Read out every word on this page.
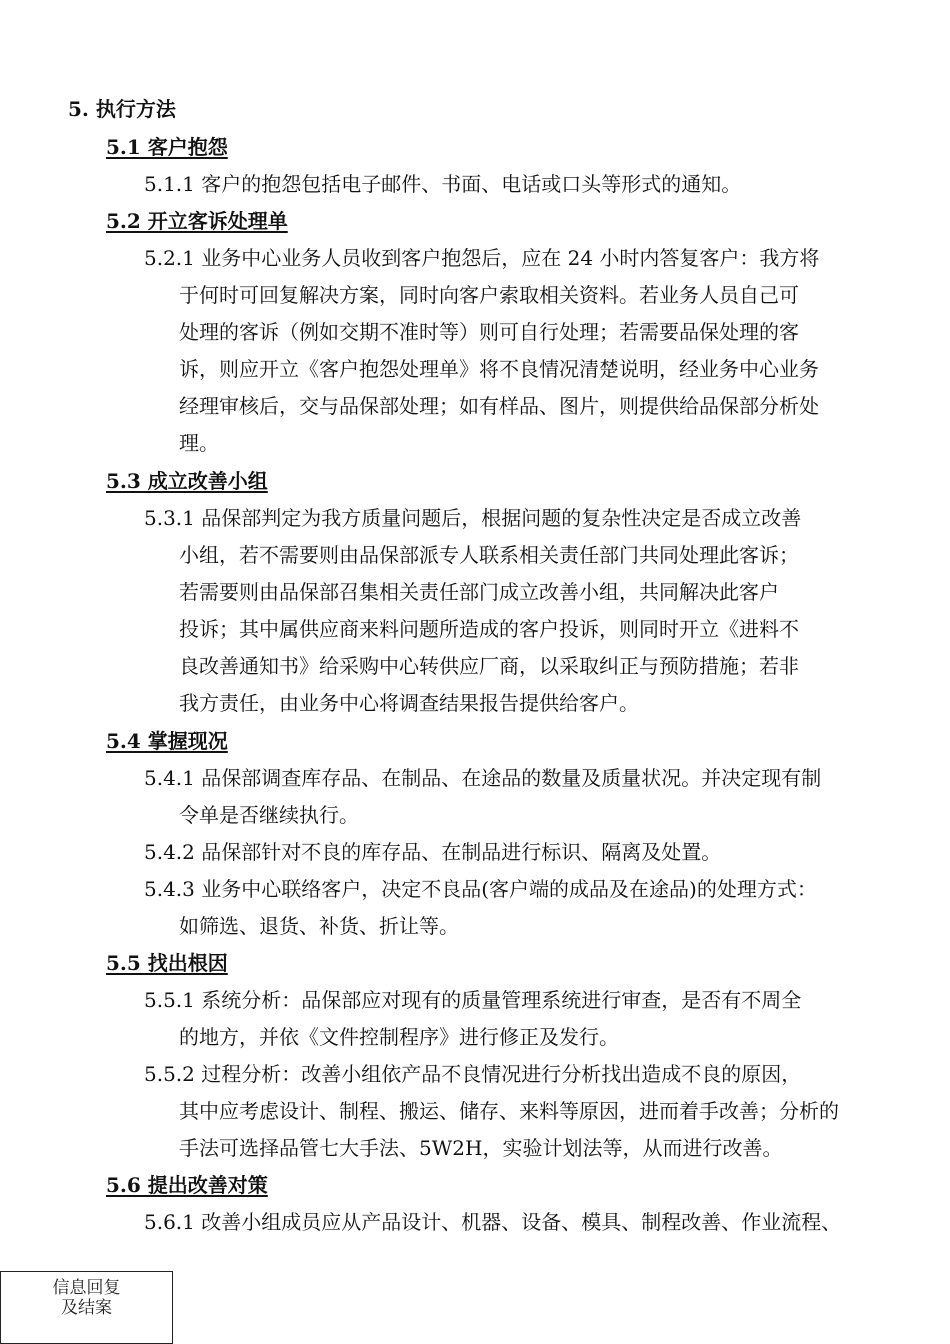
5. 执行方法
5.1 客户抱怨
5.1.1 客户的抱怨包括电子邮件、书面、电话或口头等形式的通知。
5.2 开立客诉处理单
5.2.1 业务中心业务人员收到客户抱怨后，应在 24 小时内答复客户：我方将
于何时可回复解决方案，同时向客户索取相关资料。若业务人员自己可
处理的客诉（例如交期不准时等）则可自行处理；若需要品保处理的客
诉，则应开立《客户抱怨处理单》将不良情况清楚说明，经业务中心业务
经理审核后，交与品保部处理；如有样品、图片，则提供给品保部分析处
理。
5.3 成立改善小组
5.3.1 品保部判定为我方质量问题后，根据问题的复杂性决定是否成立改善
小组，若不需要则由品保部派专人联系相关责任部门共同处理此客诉；
若需要则由品保部召集相关责任部门成立改善小组，共同解决此客户
投诉；其中属供应商来料问题所造成的客户投诉，则同时开立《进料不
良改善通知书》给采购中心转供应厂商，以采取纠正与预防措施；若非
我方责任，由业务中心将调查结果报告提供给客户。
5.4 掌握现况
5.4.1 品保部调查库存品、在制品、在途品的数量及质量状况。并决定现有制
令单是否继续执行。
5.4.2 品保部针对不良的库存品、在制品进行标识、隔离及处置。
5.4.3 业务中心联络客户，决定不良品(客户端的成品及在途品)的处理方式：
如筛选、退货、补货、折让等。
5.5 找出根因
5.5.1 系统分析：品保部应对现有的质量管理系统进行审查，是否有不周全
的地方，并依《文件控制程序》进行修正及发行。
5.5.2 过程分析：改善小组依产品不良情况进行分析找出造成不良的原因，
其中应考虑设计、制程、搬运、储存、来料等原因，进而着手改善；分析的
手法可选择品管七大手法、5W2H，实验计划法等，从而进行改善。
5.6 提出改善对策
5.6.1 改善小组成员应从产品设计、机器、设备、模具、制程改善、作业流程、
信息回复
及结案
